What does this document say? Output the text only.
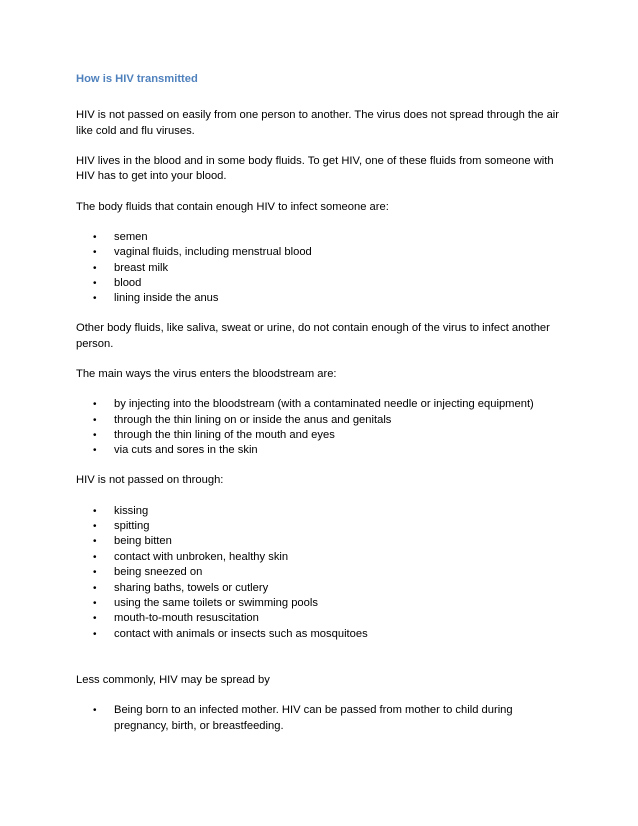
How is HIV transmitted

HIV is not passed on easily from one person to another. The virus does not spread through the air like cold and flu viruses.

HIV lives in the blood and in some body fluids. To get HIV, one of these fluids from someone with HIV has to get into your blood.

The body fluids that contain enough HIV to infect someone are:

• semen
• vaginal fluids, including menstrual blood
• breast milk
• blood
• lining inside the anus

Other body fluids, like saliva, sweat or urine, do not contain enough of the virus to infect another person.

The main ways the virus enters the bloodstream are:

• by injecting into the bloodstream (with a contaminated needle or injecting equipment)
• through the thin lining on or inside the anus and genitals
• through the thin lining of the mouth and eyes
• via cuts and sores in the skin

HIV is not passed on through:

• kissing
• spitting
• being bitten
• contact with unbroken, healthy skin
• being sneezed on
• sharing baths, towels or cutlery
• using the same toilets or swimming pools
• mouth-to-mouth resuscitation
• contact with animals or insects such as mosquitoes

Less commonly, HIV may be spread by

• Being born to an infected mother. HIV can be passed from mother to child during pregnancy, birth, or breastfeeding.
